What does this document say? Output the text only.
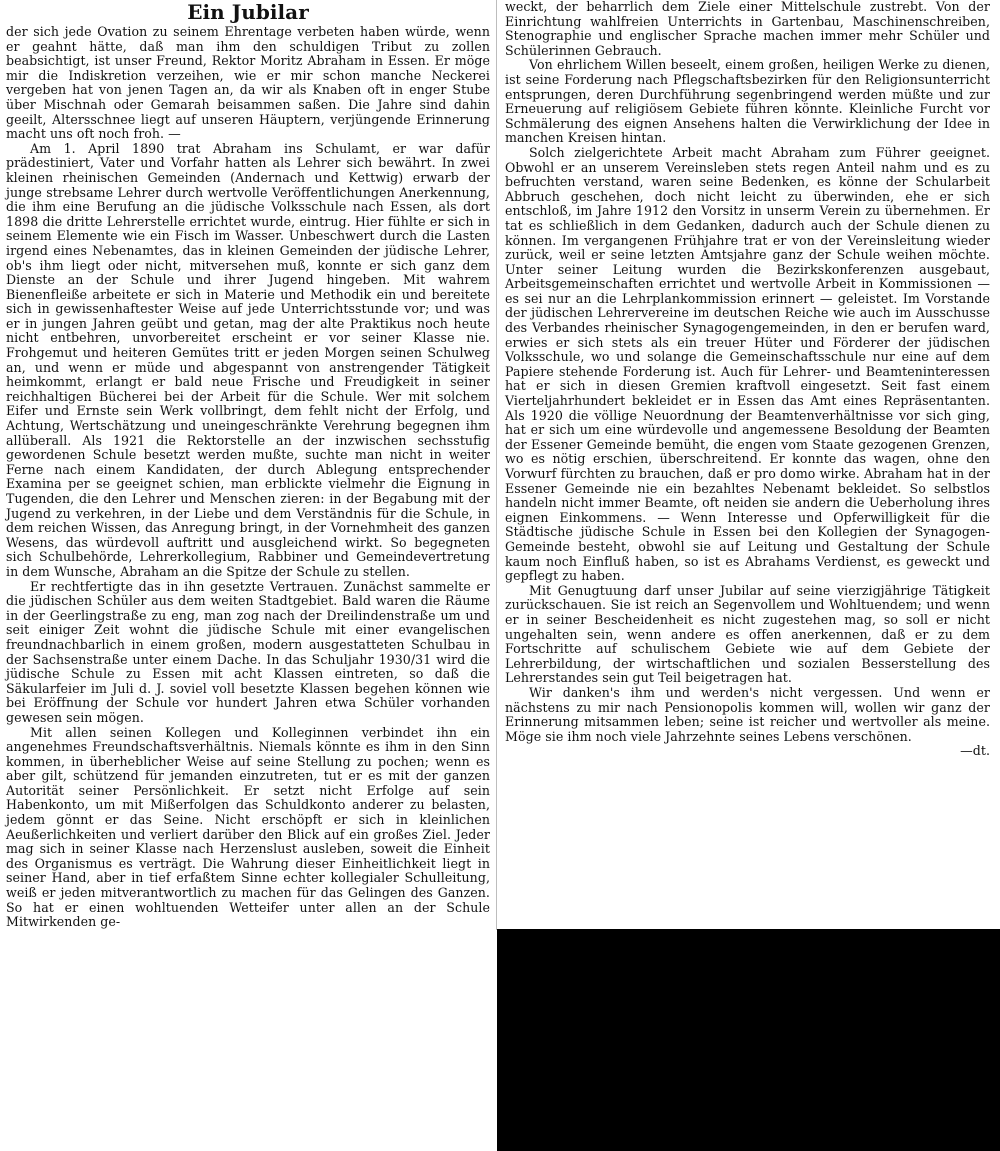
Ein Jubilar

der sich jede Ovation zu seinem Ehrentage verbeten haben würde, wenn er geahnt hätte, daß man ihm den schuldigen Tribut zu zollen beabsichtigt, ist unser Freund, Rektor Moritz Abraham in Essen. Er möge mir die Indiskretion verzeihen, wie er mir schon manche Neckerei vergeben hat von jenen Tagen an, da wir als Knaben oft in enger Stube über Mischnah oder Gemarah beisammen saßen. Die Jahre sind dahin geeilt, Altersschnee liegt auf unseren Häuptern, verjüngende Erinnerung macht uns oft noch froh. —

Am 1. April 1890 trat Abraham ins Schulamt, er war dafür prädestiniert, Vater und Vorfahr hatten als Lehrer sich bewährt. In zwei kleinen rheinischen Gemeinden (Andernach und Kettwig) erwarb der junge strebsame Lehrer durch wertvolle Veröffentlichungen Anerkennung, die ihm eine Berufung an die jüdische Volksschule nach Essen, als dort 1898 die dritte Lehrerstelle errichtet wurde, eintrug. Hier fühlte er sich in seinem Elemente wie ein Fisch im Wasser. Unbeschwert durch die Lasten irgend eines Nebenamtes, das in kleinen Gemeinden der jüdische Lehrer, ob's ihm liegt oder nicht, mitversehen muß, konnte er sich ganz dem Dienste an der Schule und ihrer Jugend hingeben. Mit wahrem Bienenfleiße arbeitete er sich in Materie und Methodik ein und bereitete sich in gewissenhaftester Weise auf jede Unterrichtsstunde vor; und was er in jungen Jahren geübt und getan, mag der alte Praktikus noch heute nicht entbehren, unvorbereitet erscheint er vor seiner Klasse nie. Frohgemut und heiteren Gemütes tritt er jeden Morgen seinen Schulweg an, und wenn er müde und abgespannt von anstrengender Tätigkeit heimkommt, erlangt er bald neue Frische und Freudigkeit in seiner reichhaltigen Bücherei bei der Arbeit für die Schule. Wer mit solchem Eifer und Ernste sein Werk vollbringt, dem fehlt nicht der Erfolg, und Achtung, Wertschätzung und uneingeschränkte Verehrung begegnen ihm allüberall. Als 1921 die Rektorstelle an der inzwischen sechsstufig gewordenen Schule besetzt werden mußte, suchte man nicht in weiter Ferne nach einem Kandidaten, der durch Ablegung entsprechender Examina per se geeignet schien, man erblickte vielmehr die Eignung in Tugenden, die den Lehrer und Menschen zieren: in der Begabung mit der Jugend zu verkehren, in der Liebe und dem Verständnis für die Schule, in dem reichen Wissen, das Anregung bringt, in der Vornehmheit des ganzen Wesens, das würdevoll auftritt und ausgleichend wirkt. So begegneten sich Schulbehörde, Lehrerkollegium, Rabbiner und Gemeindevertretung in dem Wunsche, Abraham an die Spitze der Schule zu stellen.

Er rechtfertigte das in ihn gesetzte Vertrauen. Zunächst sammelte er die jüdischen Schüler aus dem weiten Stadtgebiet. Bald waren die Räume in der Geerlingstraße zu eng, man zog nach der Dreilindenstraße um und seit einiger Zeit wohnt die jüdische Schule mit einer evangelischen freundnachbarlich in einem großen, modern ausgestatteten Schulbau in der Sachsenstraße unter einem Dache. In das Schuljahr 1930/31 wird die jüdische Schule zu Essen mit acht Klassen eintreten, so daß die Säkularfeier im Juli d. J. soviel voll besetzte Klassen begehen können wie bei Eröffnung der Schule vor hundert Jahren etwa Schüler vorhanden gewesen sein mögen.

Mit allen seinen Kollegen und Kolleginnen verbindet ihn ein angenehmes Freundschaftsverhältnis. Niemals könnte es ihm in den Sinn kommen, in überheblicher Weise auf seine Stellung zu pochen; wenn es aber gilt, schützend für jemanden einzutreten, tut er es mit der ganzen Autorität seiner Persönlichkeit. Er setzt nicht Erfolge auf sein Habenkonto, um mit Mißerfolgen das Schuldkonto anderer zu belasten, jedem gönnt er das Seine. Nicht erschöpft er sich in kleinlichen Aeußerlichkeiten und verliert darüber den Blick auf ein großes Ziel. Jeder mag sich in seiner Klasse nach Herzenslust ausleben, soweit die Einheit des Organismus es verträgt. Die Wahrung dieser Einheitlichkeit liegt in seiner Hand, aber in tief erfaßtem Sinne echter kollegialer Schulleitung, weiß er jeden mitverantwortlich zu machen für das Gelingen des Ganzen. So hat er einen wohltuenden Wetteifer unter allen an der Schule Mitwirkenden ge-

weckt, der beharrlich dem Ziele einer Mittelschule zustrebt. Von der Einrichtung wahlfreien Unterrichts in Gartenbau, Maschinenschreiben, Stenographie und englischer Sprache machen immer mehr Schüler und Schülerinnen Gebrauch.

Von ehrlichem Willen beseelt, einem großen, heiligen Werke zu dienen, ist seine Forderung nach Pflegschaftsbezirken für den Religionsunterricht entsprungen, deren Durchführung segenbringend werden müßte und zur Erneuerung auf religiösem Gebiete führen könnte. Kleinliche Furcht vor Schmälerung des eignen Ansehens halten die Verwirklichung der Idee in manchen Kreisen hintan.

Solch zielgerichtete Arbeit macht Abraham zum Führer geeignet. Obwohl er an unserem Vereinsleben stets regen Anteil nahm und es zu befruchten verstand, waren seine Bedenken, es könne der Schularbeit Abbruch geschehen, doch nicht leicht zu überwinden, ehe er sich entschloß, im Jahre 1912 den Vorsitz in unserm Verein zu übernehmen. Er tat es schließlich in dem Gedanken, dadurch auch der Schule dienen zu können. Im vergangenen Frühjahre trat er von der Vereinsleitung wieder zurück, weil er seine letzten Amtsjahre ganz der Schule weihen möchte. Unter seiner Leitung wurden die Bezirkskonferenzen ausgebaut, Arbeitsgemeinschaften errichtet und wertvolle Arbeit in Kommissionen — es sei nur an die Lehrplankommission erinnert — geleistet. Im Vorstande der jüdischen Lehrervereine im deutschen Reiche wie auch im Ausschusse des Verbandes rheinischer Synagogengemeinden, in den er berufen ward, erwies er sich stets als ein treuer Hüter und Förderer der jüdischen Volksschule, wo und solange die Gemeinschaftsschule nur eine auf dem Papiere stehende Forderung ist. Auch für Lehrer- und Beamteninteressen hat er sich in diesen Gremien kraftvoll eingesetzt. Seit fast einem Vierteljahrhundert bekleidet er in Essen das Amt eines Repräsentanten. Als 1920 die völlige Neuordnung der Beamtenverhältnisse vor sich ging, hat er sich um eine würdevolle und angemessene Besoldung der Beamten der Essener Gemeinde bemüht, die engen vom Staate gezogenen Grenzen, wo es nötig erschien, überschreitend. Er konnte das wagen, ohne den Vorwurf fürchten zu brauchen, daß er pro domo wirke. Abraham hat in der Essener Gemeinde nie ein bezahltes Nebenamt bekleidet. So selbstlos handeln nicht immer Beamte, oft neiden sie andern die Ueberholung ihres eignen Einkommens. — Wenn Interesse und Opferwilligkeit für die Städtische jüdische Schule in Essen bei den Kollegien der Synagogen-Gemeinde besteht, obwohl sie auf Leitung und Gestaltung der Schule kaum noch Einfluß haben, so ist es Abrahams Verdienst, es geweckt und gepflegt zu haben.

Mit Genugtuung darf unser Jubilar auf seine vierzigjährige Tätigkeit zurückschauen. Sie ist reich an Segenvollem und Wohltuendem; und wenn er in seiner Bescheidenheit es nicht zugestehen mag, so soll er nicht ungehalten sein, wenn andere es offen anerkennen, daß er zu dem Fortschritte auf schulischem Gebiete wie auf dem Gebiete der Lehrerbildung, der wirtschaftlichen und sozialen Besserstellung des Lehrerstandes sein gut Teil beigetragen hat.

Wir danken's ihm und werden's nicht vergessen. Und wenn er nächstens zu mir nach Pensionopolis kommen will, wollen wir ganz der Erinnerung mitsammen leben; seine ist reicher und wertvoller als meine. Möge sie ihm noch viele Jahrzehnte seines Lebens verschönen.

—dt.
